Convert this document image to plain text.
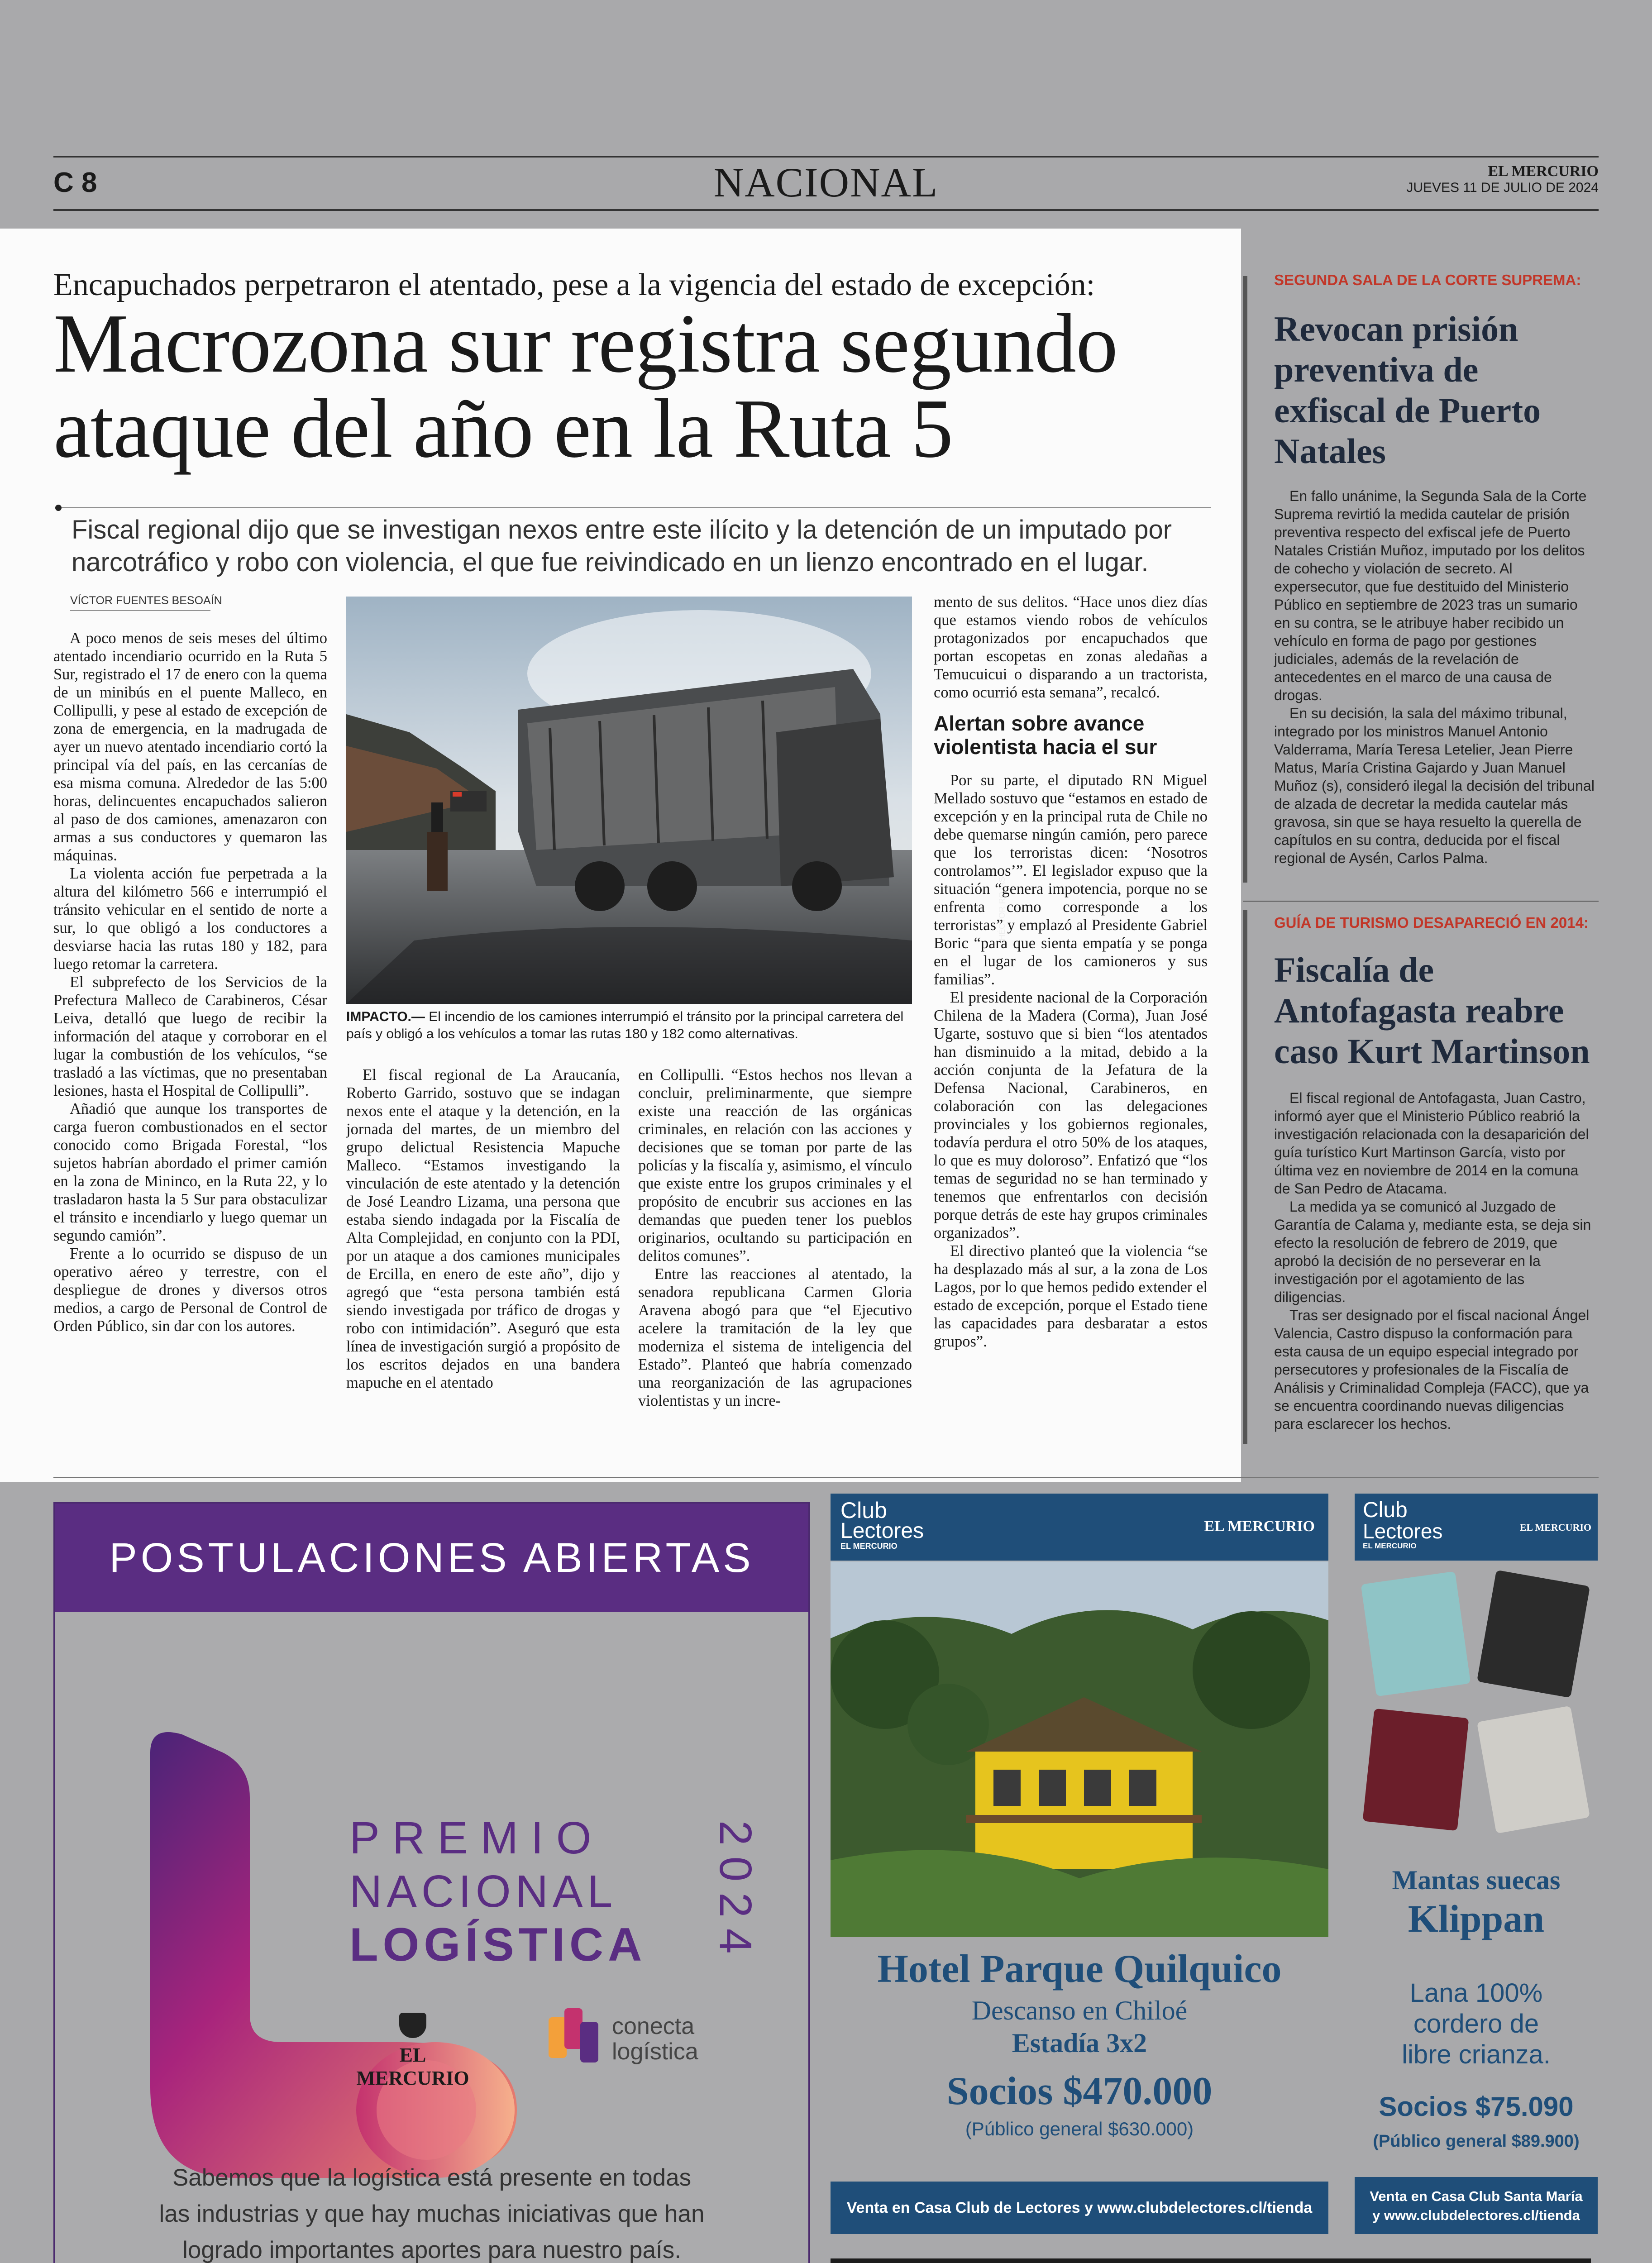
C 8	NACIONAL	EL MERCURIO
JUEVES 11 DE JULIO DE 2024
Encapuchados perpetraron el atentado, pese a la vigencia del estado de excepción:
Macrozona sur registra segundo
ataque del año en la Ruta 5
Fiscal regional dijo que se investigan nexos entre este ilícito y la detención de un imputado por narcotráfico y robo con violencia, el que fue reivindicado en un lienzo encontrado en el lugar.
VÍCTOR FUENTES BESOAÍN

A poco menos de seis meses del último atentado incendiario ocurrido en la Ruta 5 Sur, registrado el 17 de enero con la quema de un minibús en el puente Malleco, en Collipulli, y pese al estado de excepción de zona de emergencia, en la madrugada de ayer un nuevo atentado incendiario cortó la principal vía del país, en las cercanías de esa misma comuna. Alrededor de las 5:00 horas, delincuentes encapuchados salieron al paso de dos camiones, amenazaron con armas a sus conductores y quemaron las máquinas.

La violenta acción fue perpetrada a la altura del kilómetro 566 e interrumpió el tránsito vehicular en el sentido de norte a sur, lo que obligó a los conductores a desviarse hacia las rutas 180 y 182, para luego retomar la carretera.

El subprefecto de los Servicios de la Prefectura Malleco de Carabineros, César Leiva, detalló que luego de recibir la información del ataque y corroborar en el lugar la combustión de los vehículos, “se trasladó a las víctimas, que no presentaban lesiones, hasta el Hospital de Collipulli”.

Añadió que aunque los transportes de carga fueron combustionados en el sector conocido como Brigada Forestal, “los sujetos habrían abordado el primer camión en la zona de Mininco, en la Ruta 22, y lo trasladaron hasta la 5 Sur para obstaculizar el tránsito e incendiarlo y luego quemar un segundo camión”.

Frente a lo ocurrido se dispuso de un operativo aéreo y terrestre, con el despliegue de drones y diversos otros medios, a cargo de Personal de Control de Orden Público, sin dar con los autores.

HÉCTOR ROJAS
IMPACTO.— El incendio de los camiones interrumpió el tránsito por la principal carretera del país y obligó a los vehículos a tomar las rutas 180 y 182 como alternativas.

El fiscal regional de La Araucanía, Roberto Garrido, sostuvo que se indagan nexos ente el ataque y la detención, en la jornada del martes, de un miembro del grupo delictual Resistencia Mapuche Malleco. “Estamos investigando la vinculación de este atentado y la detención de José Leandro Lizama, una persona que estaba siendo indagada por la Fiscalía de Alta Complejidad, en conjunto con la PDI, por un ataque a dos camiones municipales de Ercilla, en enero de este año”, dijo y agregó que “esta persona también está siendo investigada por tráfico de drogas y robo con intimidación”. Aseguró que esta línea de investigación surgió a propósito de los escritos dejados en una bandera mapuche en el atentado

en Collipulli. “Estos hechos nos llevan a concluir, preliminarmente, que siempre existe una reacción de las orgánicas criminales, en relación con las acciones y decisiones que se toman por parte de las policías y la fiscalía y, asimismo, el vínculo que existe entre los grupos criminales y el propósito de encubrir sus acciones en las demandas que pueden tener los pueblos originarios, ocultando su participación en delitos comunes”.

Entre las reacciones al atentado, la senadora republicana Carmen Gloria Aravena abogó para que “el Ejecutivo acelere la tramitación de la ley que moderniza el sistema de inteligencia del Estado”. Planteó que habría comenzado una reorganización de las agrupaciones violentistas y un incre-

mento de sus delitos. “Hace unos diez días que estamos viendo robos de vehículos protagonizados por encapuchados que portan escopetas en zonas aledañas a Temucuicui o disparando a un tractorista, como ocurrió esta semana”, recalcó.

Alertan sobre avance violentista hacia el sur

Por su parte, el diputado RN Miguel Mellado sostuvo que “estamos en estado de excepción y en la principal ruta de Chile no debe quemarse ningún camión, pero parece que los terroristas dicen: ‘Nosotros controlamos’”. El legislador expuso que la situación “genera impotencia, porque no se enfrenta como corresponde a los terroristas” y emplazó al Presidente Gabriel Boric “para que sienta empatía y se ponga en el lugar de los camioneros y sus familias”.

El presidente nacional de la Corporación Chilena de la Madera (Corma), Juan José Ugarte, sostuvo que si bien “los atentados han disminuido a la mitad, debido a la acción conjunta de la Jefatura de la Defensa Nacional, Carabineros, en colaboración con las delegaciones provinciales y los gobiernos regionales, todavía perdura el otro 50% de los ataques, lo que es muy doloroso”. Enfatizó que “los temas de seguridad no se han terminado y tenemos que enfrentarlos con decisión porque detrás de este hay grupos criminales organizados”.

El directivo planteó que la violencia “se ha desplazado más al sur, a la zona de Los Lagos, por lo que hemos pedido extender el estado de excepción, porque el Estado tiene las capacidades para desbaratar a estos grupos”.

SEGUNDA SALA DE LA CORTE SUPREMA:
Revocan prisión preventiva de exfiscal de Puerto Natales

En fallo unánime, la Segunda Sala de la Corte Suprema revirtió la medida cautelar de prisión preventiva respecto del exfiscal jefe de Puerto Natales Cristián Muñoz, imputado por los delitos de cohecho y violación de secreto. Al expersecutor, que fue destituido del Ministerio Público en septiembre de 2023 tras un sumario en su contra, se le atribuye haber recibido un vehículo en forma de pago por gestiones judiciales, además de la revelación de antecedentes en el marco de una causa de drogas.

En su decisión, la sala del máximo tribunal, integrado por los ministros Manuel Antonio Valderrama, María Teresa Letelier, Jean Pierre Matus, María Cristina Gajardo y Juan Manuel Muñoz (s), consideró ilegal la decisión del tribunal de alzada de decretar la medida cautelar más gravosa, sin que se haya resuelto la querella de capítulos en su contra, deducida por el fiscal regional de Aysén, Carlos Palma.

GUÍA DE TURISMO DESAPARECIÓ EN 2014:
Fiscalía de Antofagasta reabre caso Kurt Martinson

El fiscal regional de Antofagasta, Juan Castro, informó ayer que el Ministerio Público reabrió la investigación relacionada con la desaparición del guía turístico Kurt Martinson García, visto por última vez en noviembre de 2014 en la comuna de San Pedro de Atacama.

La medida ya se comunicó al Juzgado de Garantía de Calama y, mediante esta, se deja sin efecto la resolución de febrero de 2019, que aprobó la decisión de no perseverar en la investigación por el agotamiento de las diligencias.

Tras ser designado por el fiscal nacional Ángel Valencia, Castro dispuso la conformación para esta causa de un equipo especial integrado por persecutores y profesionales de la Fiscalía de Análisis y Criminalidad Compleja (FACC), que ya se encuentra coordinando nuevas diligencias para esclarecer los hechos.

POSTULACIONES ABIERTAS
PREMIO
NACIONAL
LOGÍSTICA 2024
EL MERCURIO
conecta
logística
Sabemos que la logística está presente en todas
las industrias y que hay muchas iniciativas que han
logrado importantes aportes para nuestro país.
Club
Lectores
EL MERCURIO
EL MERCURIO
Hotel Parque Quilquico
Descanso en Chiloé
Estadía 3x2
Socios $470.000
(Público general $630.000)
Venta en Casa Club de Lectores y www.clubdelectores.cl/tienda
Club
Lectores
EL MERCURIO
EL MERCURIO
Mantas suecas
Klippan
Lana 100%
cordero de
libre crianza.
Socios $75.090
(Público general $89.900)
Venta en Casa Club Santa María
y www.clubdelectores.cl/tienda
